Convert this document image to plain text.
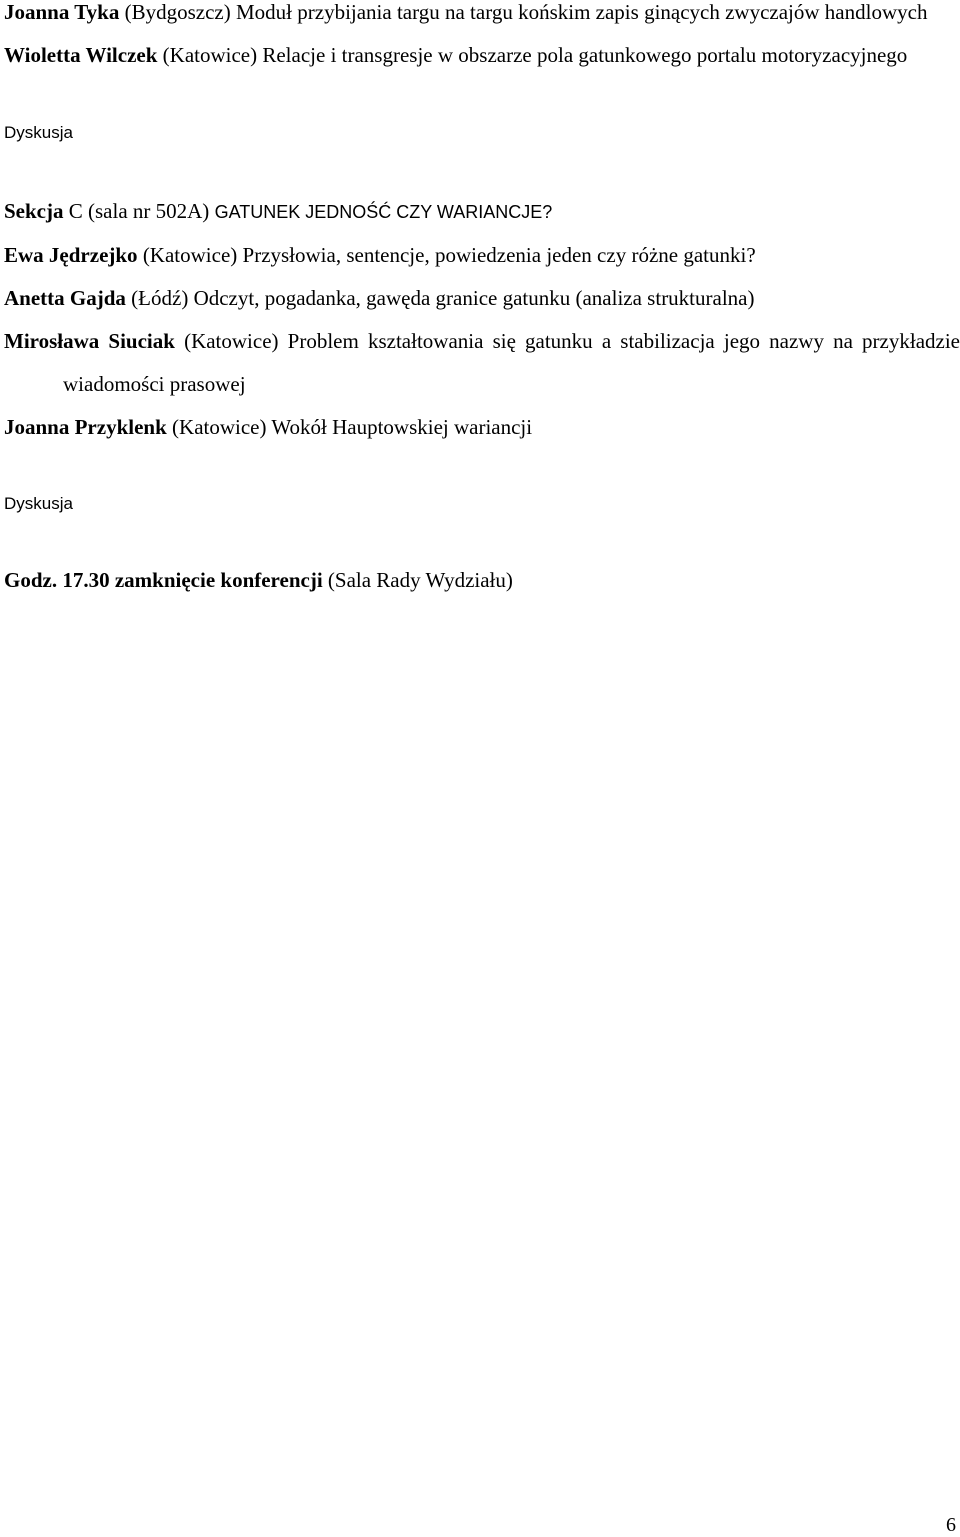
Joanna Tyka (Bydgoszcz) Moduł przybijania targu na targu końskim zapis ginących zwyczajów handlowych

Wioletta Wilczek (Katowice) Relacje i transgresje w obszarze pola gatunkowego portalu motoryzacyjnego

Dyskusja

Sekcja C (sala nr 502A) GATUNEK JEDNOŚĆ CZY WARIANCJE?

Ewa Jędrzejko (Katowice) Przysłowia, sentencje, powiedzenia jeden czy różne gatunki?

Anetta Gajda (Łódź) Odczyt, pogadanka, gawęda granice gatunku (analiza strukturalna)

Mirosława Siuciak (Katowice) Problem kształtowania się gatunku a stabilizacja jego nazwy na przykładzie wiadomości prasowej

Joanna Przyklenk (Katowice) Wokół Hauptowskiej wariancji

Dyskusja

Godz. 17.30 zamknięcie konferencji (Sala Rady Wydziału)

6
